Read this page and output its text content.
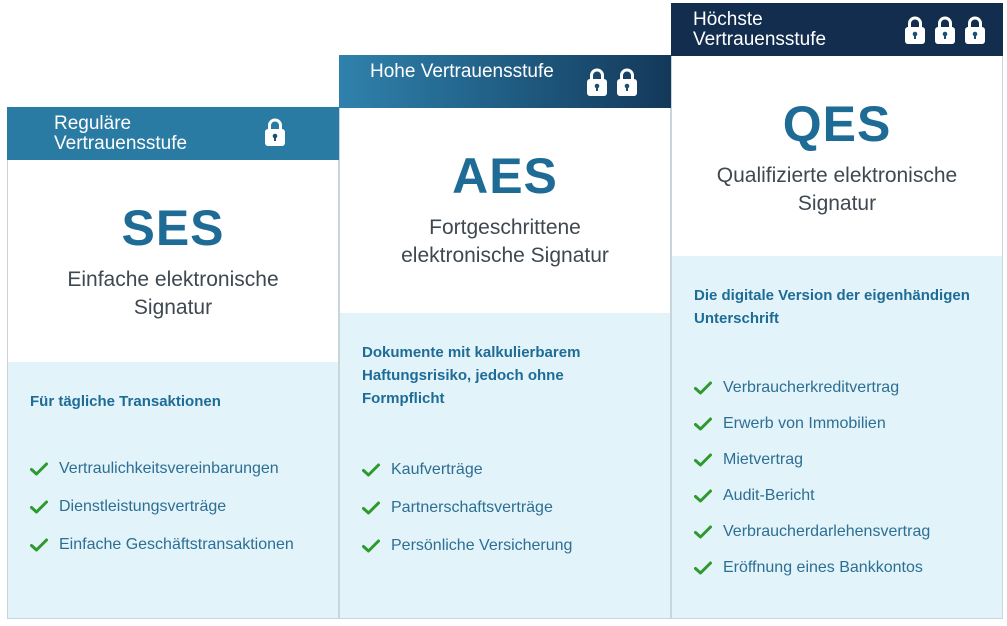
Reguläre Vertrauensstufe
SES
Einfache elektronische Signatur
Für tägliche Transaktionen
Vertraulichkeitsvereinbarungen
Dienstleistungsverträge
Einfache Geschäftstransaktionen
Hohe Vertrauensstufe
AES
Fortgeschrittene elektronische Signatur
Dokumente mit kalkulierbarem Haftungsrisiko, jedoch ohne Formpflicht
Kaufverträge
Partnerschaftsverträge
Persönliche Versicherung
Höchste Vertrauensstufe
QES
Qualifizierte elektronische Signatur
Die digitale Version der eigenhändigen Unterschrift
Verbraucherkreditvertrag
Erwerb von Immobilien
Mietvertrag
Audit-Bericht
Verbraucherdarlehensvertrag
Eröffnung eines Bankkontos
